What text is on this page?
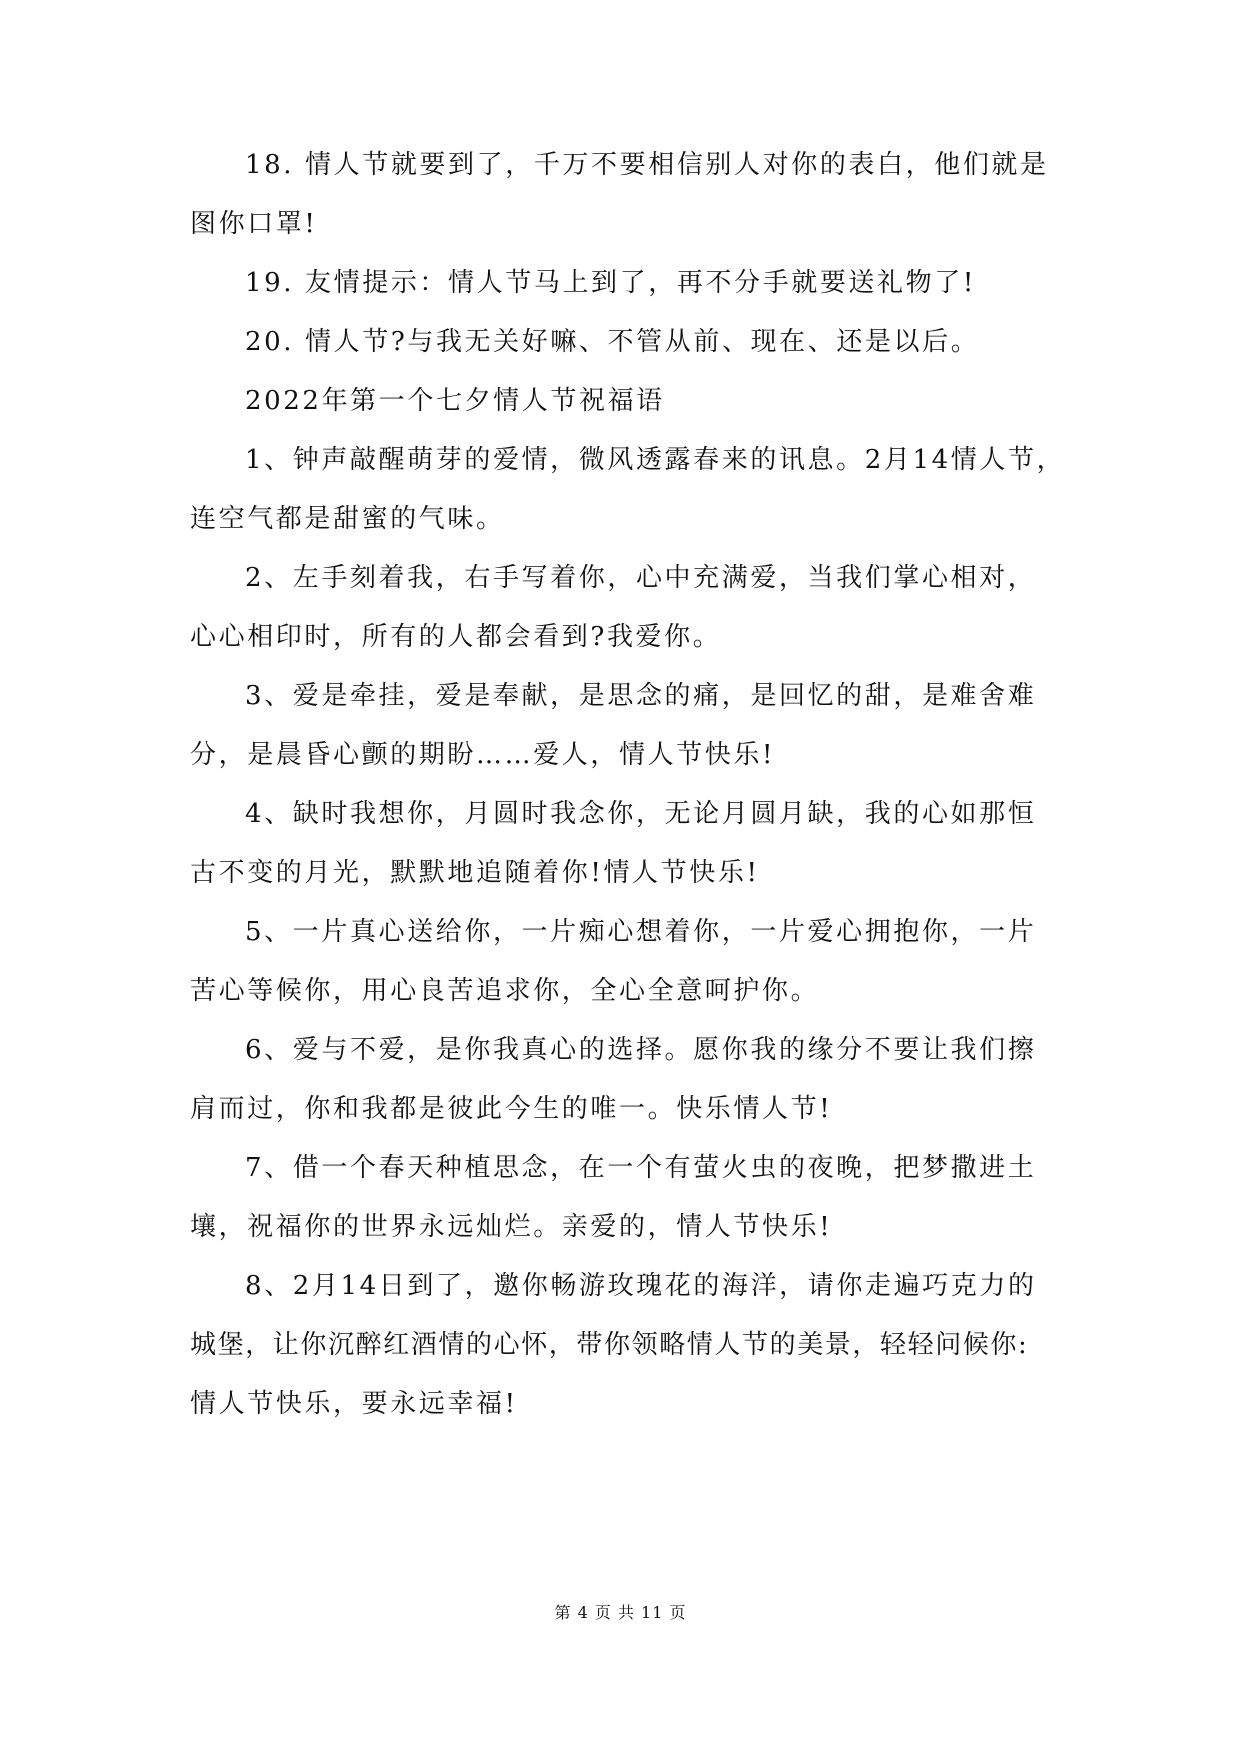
18. 情人节就要到了，千万不要相信别人对你的表白，他们就是
图你口罩!
19. 友情提示：情人节马上到了，再不分手就要送礼物了!
20. 情人节?与我无关好嘛、不管从前、现在、还是以后。
2022年第一个七夕情人节祝福语
1、钟声敲醒萌芽的爱情，微风透露春来的讯息。2月14情人节，
连空气都是甜蜜的气味。
2、左手刻着我，右手写着你，心中充满爱，当我们掌心相对，
心心相印时，所有的人都会看到?我爱你。
3、爱是牵挂，爱是奉献，是思念的痛，是回忆的甜，是难舍难
分，是晨昏心颤的期盼……爱人，情人节快乐!
4、缺时我想你，月圆时我念你，无论月圆月缺，我的心如那恒
古不变的月光，默默地追随着你!情人节快乐!
5、一片真心送给你，一片痴心想着你，一片爱心拥抱你，一片
苦心等候你，用心良苦追求你，全心全意呵护你。
6、爱与不爱，是你我真心的选择。愿你我的缘分不要让我们擦
肩而过，你和我都是彼此今生的唯一。快乐情人节!
7、借一个春天种植思念，在一个有萤火虫的夜晚，把梦撒进土
壤，祝福你的世界永远灿烂。亲爱的，情人节快乐!
8、2月14日到了，邀你畅游玫瑰花的海洋，请你走遍巧克力的
城堡，让你沉醉红酒情的心怀，带你领略情人节的美景，轻轻问候你:
情人节快乐，要永远幸福!
第 4 页 共 11 页
